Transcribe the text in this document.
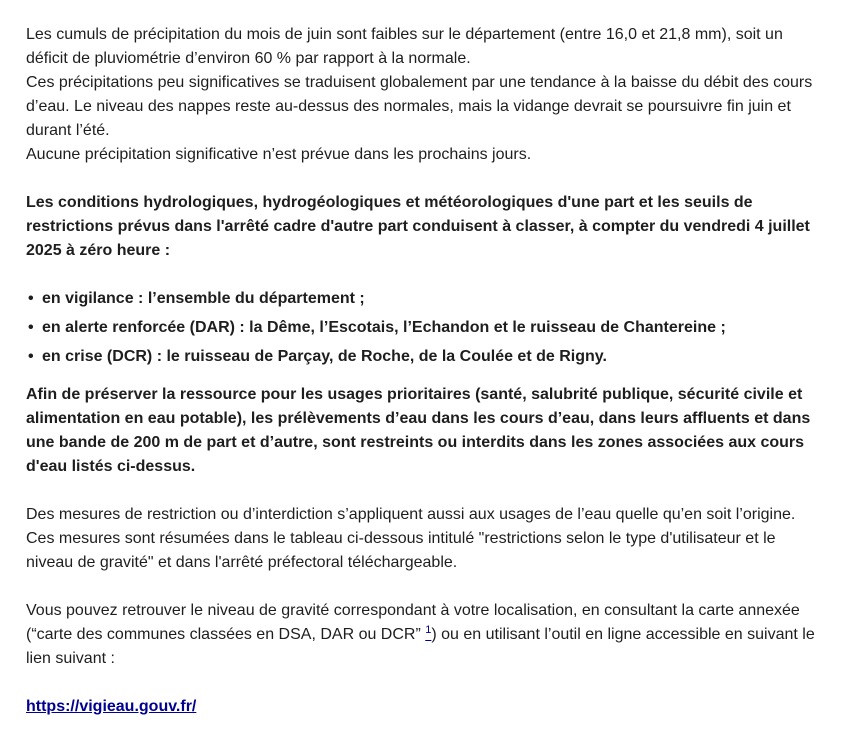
Les cumuls de précipitation du mois de juin sont faibles sur le département (entre 16,0 et 21,8 mm), soit un déficit de pluviométrie d’environ 60 % par rapport à la normale.

Ces précipitations peu significatives se traduisent globalement par une tendance à la baisse du débit des cours d’eau. Le niveau des nappes reste au-dessus des normales, mais la vidange devrait se poursuivre fin juin et durant l’été.

Aucune précipitation significative n’est prévue dans les prochains jours.

Les conditions hydrologiques, hydrogéologiques et météorologiques d'une part et les seuils de restrictions prévus dans l'arrêté cadre d'autre part conduisent à classer, à compter du vendredi 4 juillet 2025 à zéro heure :

• en vigilance : l’ensemble du département ;
• en alerte renforcée (DAR) : la Dême, l’Escotais, l’Echandon et le ruisseau de Chantereine ;
• en crise (DCR) : le ruisseau de Parçay, de Roche, de la Coulée et de Rigny.

Afin de préserver la ressource pour les usages prioritaires (santé, salubrité publique, sécurité civile et alimentation en eau potable), les prélèvements d’eau dans les cours d’eau, dans leurs affluents et dans une bande de 200 m de part et d’autre, sont restreints ou interdits dans les zones associées aux cours d'eau listés ci-dessus.

Des mesures de restriction ou d’interdiction s’appliquent aussi aux usages de l’eau quelle qu’en soit l’origine. Ces mesures sont résumées dans le tableau ci-dessous intitulé "restrictions selon le type d'utilisateur et le niveau de gravité" et dans l'arrêté préfectoral téléchargeable.

Vous pouvez retrouver le niveau de gravité correspondant à votre localisation, en consultant la carte annexée (“carte des communes classées en DSA, DAR ou DCR” $^1$) ou en utilisant l’outil en ligne accessible en suivant le lien suivant :

https://vigieau.gouv.fr/
